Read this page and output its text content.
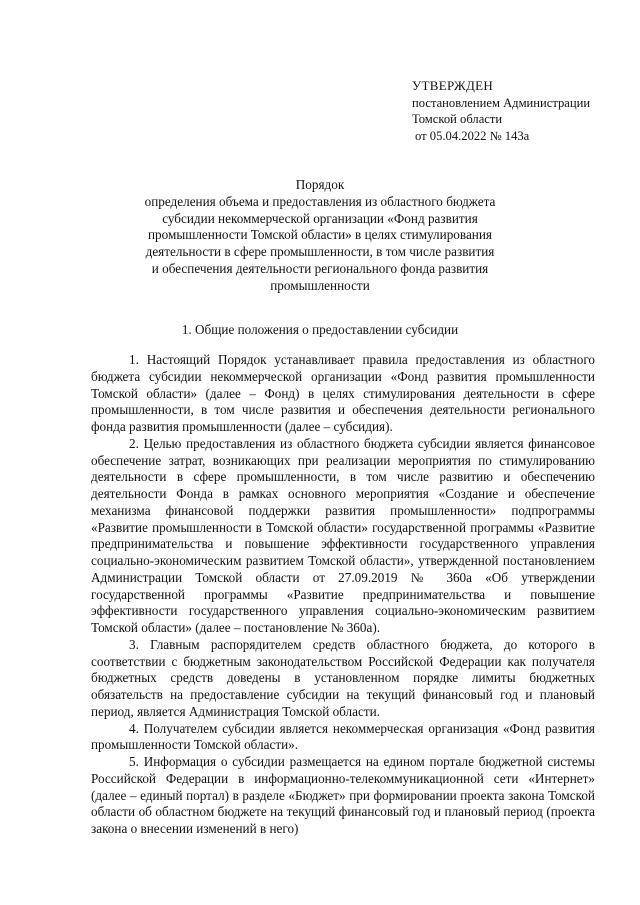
УТВЕРЖДЕН
постановлением Администрации
Томской области
от 05.04.2022 № 143а
Порядок
определения объема и предоставления из областного бюджета
субсидии некоммерческой организации «Фонд развития
промышленности Томской области» в целях стимулирования
деятельности в сфере промышленности, в том числе развития
и обеспечения деятельности регионального фонда развития
промышленности
1. Общие положения о предоставлении субсидии

1. Настоящий Порядок устанавливает правила предоставления из областного бюджета субсидии некоммерческой организации «Фонд развития промышленности Томской области» (далее – Фонд) в целях стимулирования деятельности в сфере промышленности, в том числе развития и обеспечения деятельности регионального фонда развития промышленности (далее – субсидия).

2. Целью предоставления из областного бюджета субсидии является финансовое обеспечение затрат, возникающих при реализации мероприятия по стимулированию деятельности в сфере промышленности, в том числе развитию и обеспечению деятельности Фонда в рамках основного мероприятия «Создание и обеспечение механизма финансовой поддержки развития промышленности» подпрограммы «Развитие промышленности в Томской области» государственной программы «Развитие предпринимательства и повышение эффективности государственного управления социально-экономическим развитием Томской области», утвержденной постановлением Администрации Томской области от 27.09.2019 № 360а «Об утверждении государственной программы «Развитие предпринимательства и повышение эффективности государственного управления социально-экономическим развитием Томской области» (далее – постановление № 360а).

3. Главным распорядителем средств областного бюджета, до которого в соответствии с бюджетным законодательством Российской Федерации как получателя бюджетных средств доведены в установленном порядке лимиты бюджетных обязательств на предоставление субсидии на текущий финансовый год и плановый период, является Администрация Томской области.

4. Получателем субсидии является некоммерческая организация «Фонд развития промышленности Томской области».

5. Информация о субсидии размещается на едином портале бюджетной системы Российской Федерации в информационно-телекоммуникационной сети «Интернет» (далее – единый портал) в разделе «Бюджет» при формировании проекта закона Томской области об областном бюджете на текущий финансовый год и плановый период (проекта закона о внесении изменений в него)
